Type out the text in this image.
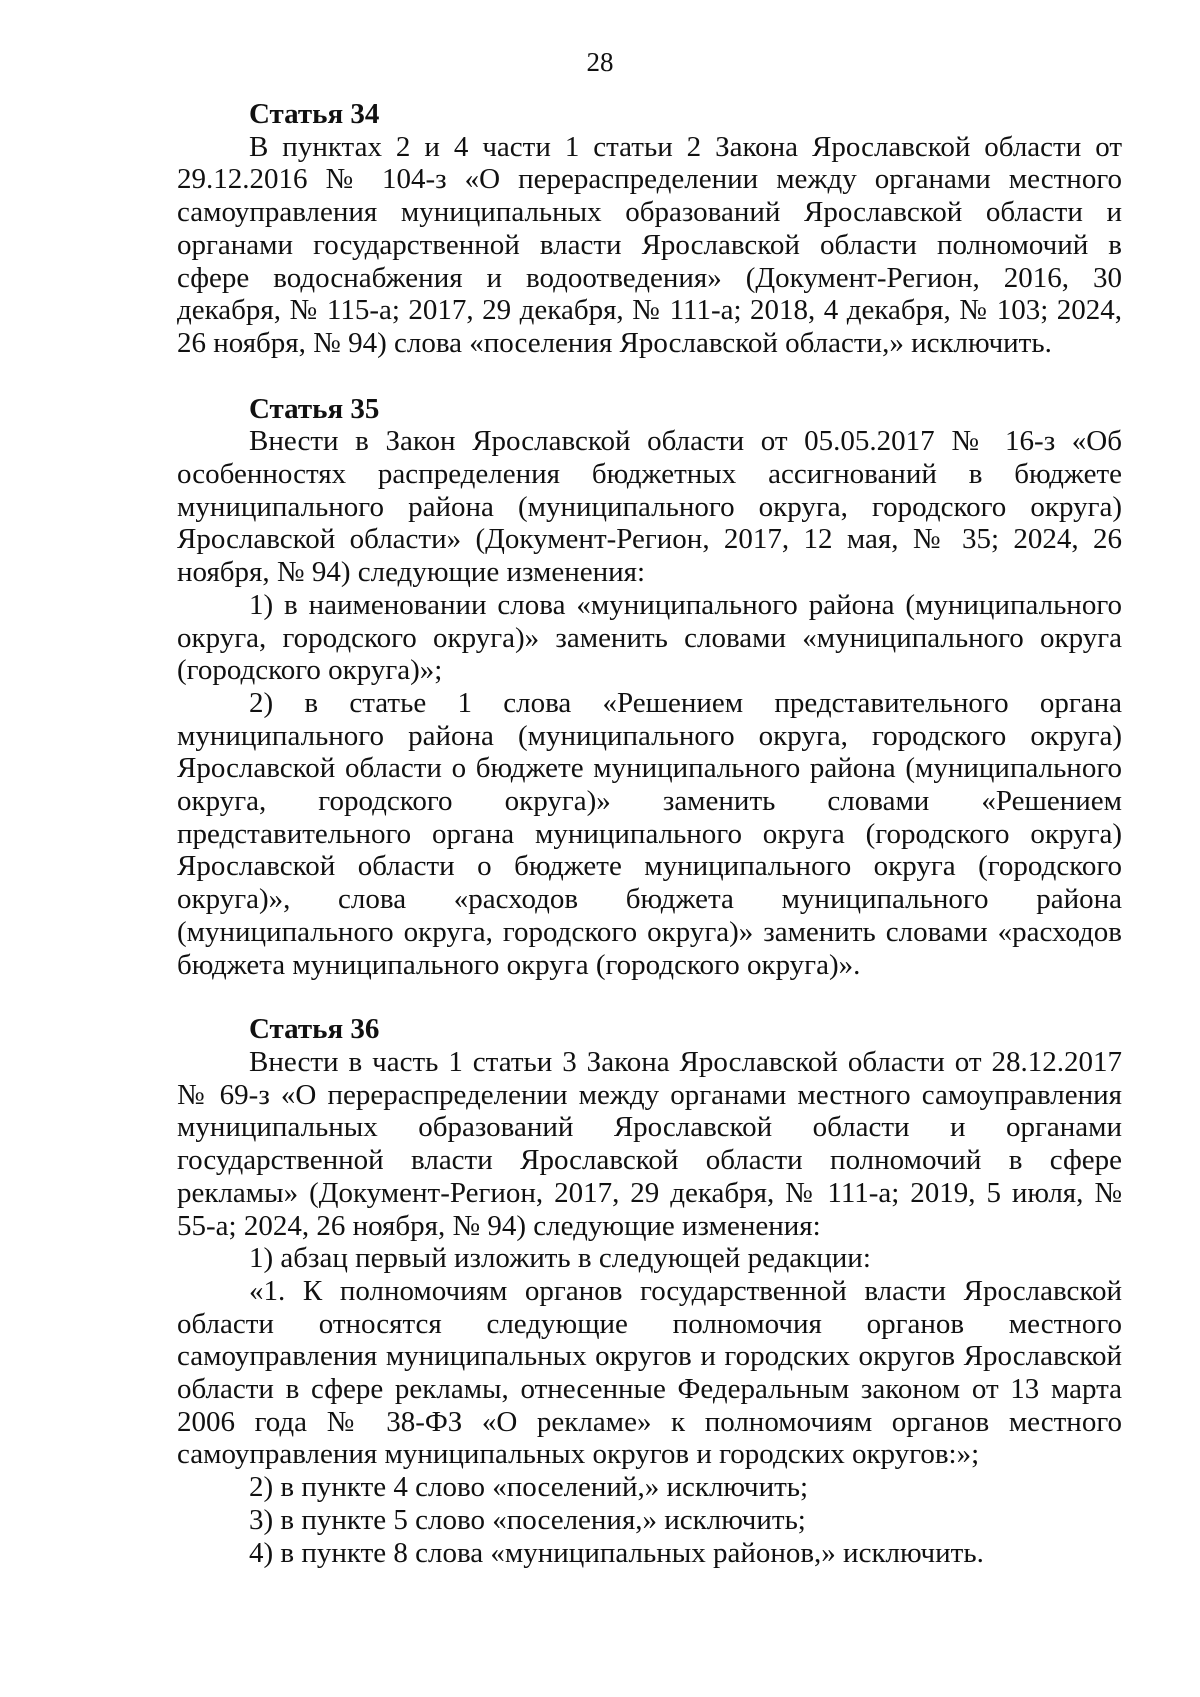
28

Статья 34

В пунктах 2 и 4 части 1 статьи 2 Закона Ярославской области от 29.12.2016 № 104-з «О перераспределении между органами местного самоуправления муниципальных образований Ярославской области и органами государственной власти Ярославской области полномочий в сфере водоснабжения и водоотведения» (Документ-Регион, 2016, 30 декабря, № 115-а; 2017, 29 декабря, № 111-а; 2018, 4 декабря, № 103; 2024, 26 ноября, № 94) слова «поселения Ярославской области,» исключить.

Статья 35

Внести в Закон Ярославской области от 05.05.2017 № 16-з «Об особенностях распределения бюджетных ассигнований в бюджете муниципального района (муниципального округа, городского округа) Ярославской области» (Документ-Регион, 2017, 12 мая, № 35; 2024, 26 ноября, № 94) следующие изменения:

1) в наименовании слова «муниципального района (муниципального округа, городского округа)» заменить словами «муниципального округа (городского округа)»;

2) в статье 1 слова «Решением представительного органа муниципального района (муниципального округа, городского округа) Ярославской области о бюджете муниципального района (муниципального округа, городского округа)» заменить словами «Решением представительного органа муниципального округа (городского округа) Ярославской области о бюджете муниципального округа (городского округа)», слова «расходов бюджета муниципального района (муниципального округа, городского округа)» заменить словами «расходов бюджета муниципального округа (городского округа)».

Статья 36

Внести в часть 1 статьи 3 Закона Ярославской области от 28.12.2017 № 69-з «О перераспределении между органами местного самоуправления муниципальных образований Ярославской области и органами государственной власти Ярославской области полномочий в сфере рекламы» (Документ-Регион, 2017, 29 декабря, № 111-а; 2019, 5 июля, № 55-а; 2024, 26 ноября, № 94) следующие изменения:

1) абзац первый изложить в следующей редакции:

«1. К полномочиям органов государственной власти Ярославской области относятся следующие полномочия органов местного самоуправления муниципальных округов и городских округов Ярославской области в сфере рекламы, отнесенные Федеральным законом от 13 марта 2006 года № 38-ФЗ «О рекламе» к полномочиям органов местного самоуправления муниципальных округов и городских округов:»;

2) в пункте 4 слово «поселений,» исключить;

3) в пункте 5 слово «поселения,» исключить;

4) в пункте 8 слова «муниципальных районов,» исключить.
